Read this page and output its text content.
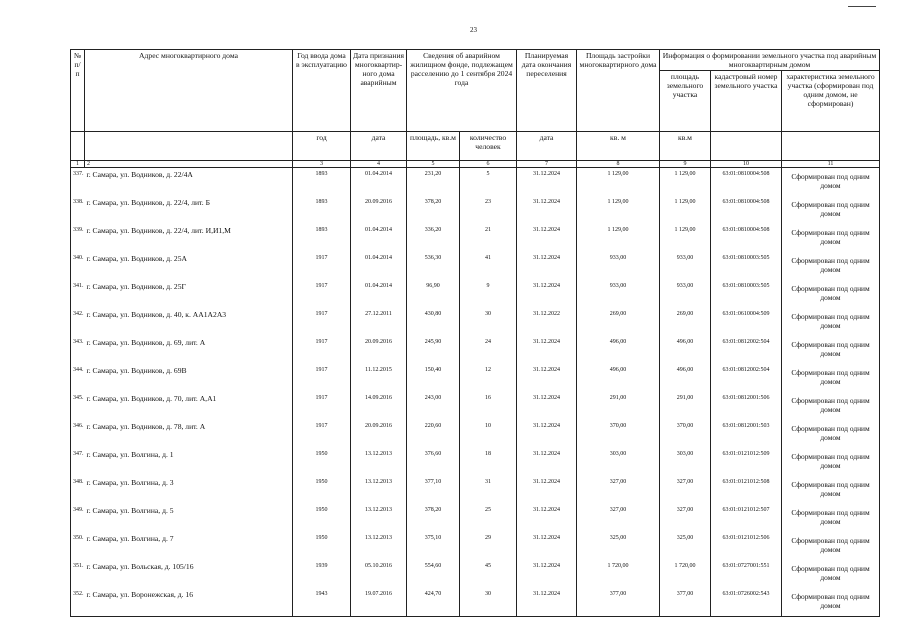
23
№ п/п	Адрес многоквартирного дома	Год ввода дома в эксплуатацию	Дата признания многоквартир-ного дома аварийным	Сведения об аварийном жилищном фонде, подлежащем расселению до 1 сентября 2024 года		Планируемая дата окончания переселения	Площадь застройки многоквартирного дома	Информация о формировании земельного участка под аварийным многоквартирным домом		
								площадь земельного участка	кадастровый номер земельного участка	характеристика земельного участка (сформирован под одним домом, не сформирован)
		год	дата	площадь, кв.м	количество человек	дата	кв. м	кв.м		
1	2	3	4	5	6	7	8	9	10	11
337.	г. Самара, ул. Водников, д. 22/4А	1893	01.04.2014	231,20	5	31.12.2024	1 129,00	1 129,00	63:01:0810004:508	Сформирован под одним домом
338.	г. Самара, ул. Водников, д. 22/4, лит. Б	1893	20.09.2016	378,20	23	31.12.2024	1 129,00	1 129,00	63:01:0810004:508	Сформирован под одним домом
339.	г. Самара, ул. Водников, д. 22/4, лит. И,И1,М	1893	01.04.2014	336,20	21	31.12.2024	1 129,00	1 129,00	63:01:0810004:508	Сформирован под одним домом
340.	г. Самара, ул. Водников, д. 25А	1917	01.04.2014	536,30	41	31.12.2024	933,00	933,00	63:01:0810003:505	Сформирован под одним домом
341.	г. Самара, ул. Водников, д. 25Г	1917	01.04.2014	96,90	9	31.12.2024	933,00	933,00	63:01:0810003:505	Сформирован под одним домом
342.	г. Самара, ул. Водников, д. 40, к. АА1А2А3	1917	27.12.2011	430,80	30	31.12.2022	269,00	269,00	63:01:0610004:509	Сформирован под одним домом
343.	г. Самара, ул. Водников, д. 69, лит. А	1917	20.09.2016	245,90	24	31.12.2024	496,00	496,00	63:01:0812002:504	Сформирован под одним домом
344.	г. Самара, ул. Водников, д. 69В	1917	11.12.2015	150,40	12	31.12.2024	496,00	496,00	63:01:0812002:504	Сформирован под одним домом
345.	г. Самара, ул. Водников, д. 70, лит. А,А1	1917	14.09.2016	243,00	16	31.12.2024	291,00	291,00	63:01:0812001:506	Сформирован под одним домом
346.	г. Самара, ул. Водников, д. 78, лит. А	1917	20.09.2016	220,60	10	31.12.2024	370,00	370,00	63:01:0812001:503	Сформирован под одним домом
347.	г. Самара, ул. Волгина, д. 1	1950	13.12.2013	376,60	18	31.12.2024	303,00	303,00	63:01:0121012:509	Сформирован под одним домом
348.	г. Самара, ул. Волгина, д. 3	1950	13.12.2013	377,10	31	31.12.2024	327,00	327,00	63:01:0121012:508	Сформирован под одним домом
349.	г. Самара, ул. Волгина, д. 5	1950	13.12.2013	378,20	25	31.12.2024	327,00	327,00	63:01:0121012:507	Сформирован под одним домом
350.	г. Самара, ул. Волгина, д. 7	1950	13.12.2013	375,10	29	31.12.2024	325,00	325,00	63:01:0121012:506	Сформирован под одним домом
351.	г. Самара, ул. Вольская, д. 105/16	1939	05.10.2016	554,60	45	31.12.2024	1 720,00	1 720,00	63:01:0727001:551	Сформирован под одним домом
352.	г. Самара, ул. Воронежская, д. 16	1943	19.07.2016	424,70	30	31.12.2024	377,00	377,00	63:01:0726002:543	Сформирован под одним домом
